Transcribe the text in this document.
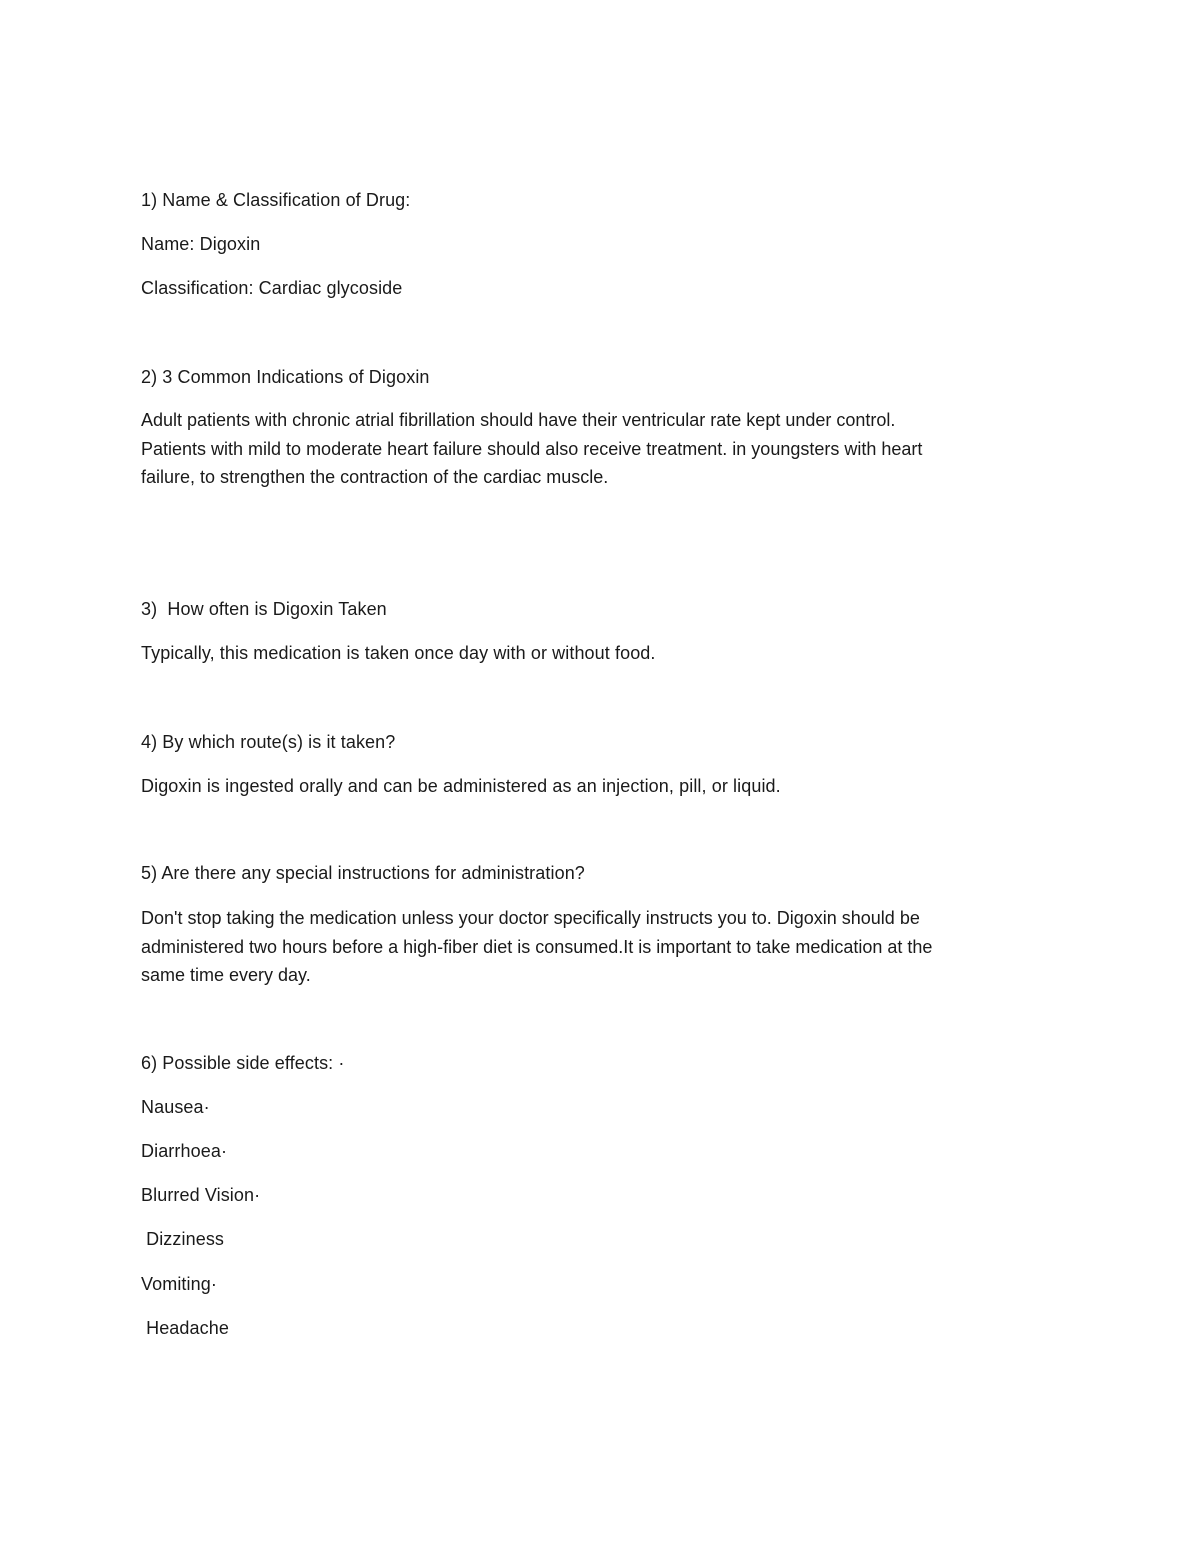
1) Name & Classification of Drug:

Name: Digoxin

Classification: Cardiac glycoside

2) 3 Common Indications of Digoxin

Adult patients with chronic atrial fibrillation should have their ventricular rate kept under control.
Patients with mild to moderate heart failure should also receive treatment. in youngsters with heart
failure, to strengthen the contraction of the cardiac muscle.

3)  How often is Digoxin Taken

Typically, this medication is taken once day with or without food.

4) By which route(s) is it taken?

Digoxin is ingested orally and can be administered as an injection, pill, or liquid.

5) Are there any special instructions for administration?

Don't stop taking the medication unless your doctor specifically instructs you to. Digoxin should be
administered two hours before a high-fiber diet is consumed.It is important to take medication at the
same time every day.

6) Possible side effects: ·

Nausea·

Diarrhoea·

Blurred Vision·

Dizziness

Vomiting·

Headache
